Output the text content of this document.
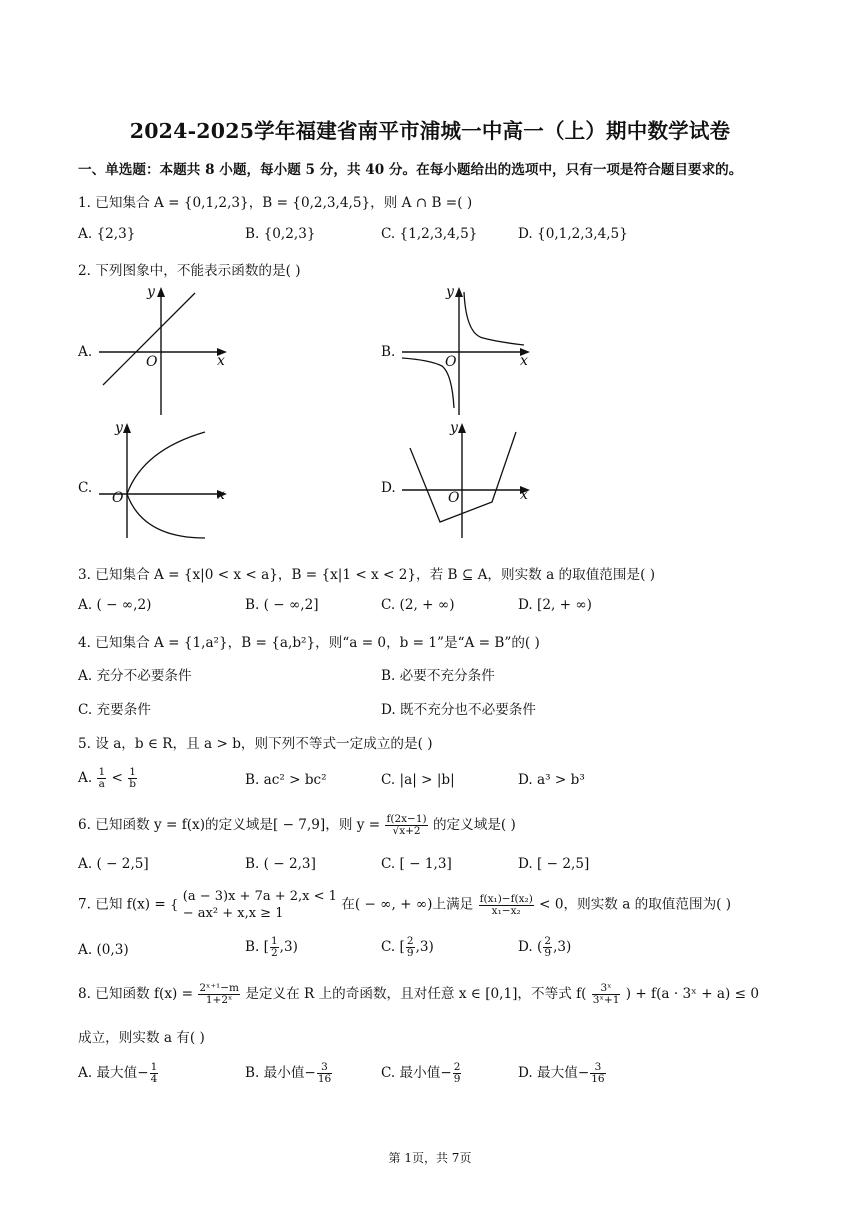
2024-2025学年福建省南平市浦城一中高一（上）期中数学试卷
一、单选题：本题共 8 小题，每小题 5 分，共 40 分。在每小题给出的选项中，只有一项是符合题目要求的。
1. 已知集合 A = {0,1,2,3}，B = {0,2,3,4,5}，则 A ∩ B =( )
A. {2,3}	B. {0,2,3}	C. {1,2,3,4,5}	D. {0,1,2,3,4,5}
2. 下列图象中，不能表示函数的是( )
A.
x
y
O
B.
x
y
O
C.	x
y
O
D.	x
y
O
3. 已知集合 A = {x|0 < x < a}，B = {x|1 < x < 2}，若 B ⊆ A，则实数 a 的取值范围是( )
A. ( − ∞,2)	B. ( − ∞,2]	C. (2, + ∞)	D. [2, + ∞)
4. 已知集合 A = {1,a²}，B = {a,b²}，则“a = 0，b = 1”是“A = B”的( )
A. 充分不必要条件	B. 必要不充分条件
C. 充要条件	D. 既不充分也不必要条件
5. 设 a，b ∈ R，且 a > b，则下列不等式一定成立的是( )
A. $\frac{1}{a} < \frac{1}{b}$	B. ac² > bc²	C. |a| > |b|	D. a³ > b³
6. 已知函数 y = f(x)的定义域是[ − 7,9]，则 $y = \frac{f(2x-1)}{√x+2}$ 的定义域是( )
A. ( − 2,5]	B. ( − 2,3]	C. [ − 1,3]	D. [ − 2,5]
7. 已知 f(x) = {
(a − 3)x + 7a + 2,x < 1
− ax² + x,x ≥ 1
在( − ∞, + ∞)上满足 $\frac{\text{f(x₁)−f(x₂)}}{\text{x₁−x₂}} < 0$，则实数 a 的取值范围为( )
A. (0,3)	B. [ $\frac{1}{2} ,3$)	C. [ $\frac{2}{9} ,3$)	D. ( $\frac{2}{9} ,3$)
8. 已知函数 $f(x) = \frac{\text{2ˣ⁺¹−m}}{\text{1+2ˣ}}$ 是定义在 R 上的奇函数，且对任意 x ∈ [0,1]，不等式 $f( \frac{\text{3ˣ}}{\text{3ˣ+1}}$ ) + f(a · 3ˣ + a) ≤ 0
成立，则实数 a 有( )
A. 最大值− $\frac{1}{4}$	B. 最小值− $\frac{3}{16}$	C. 最小值− $\frac{2}{9}$	D. 最大值− $\frac{3}{16}$
第 1页，共 7页
